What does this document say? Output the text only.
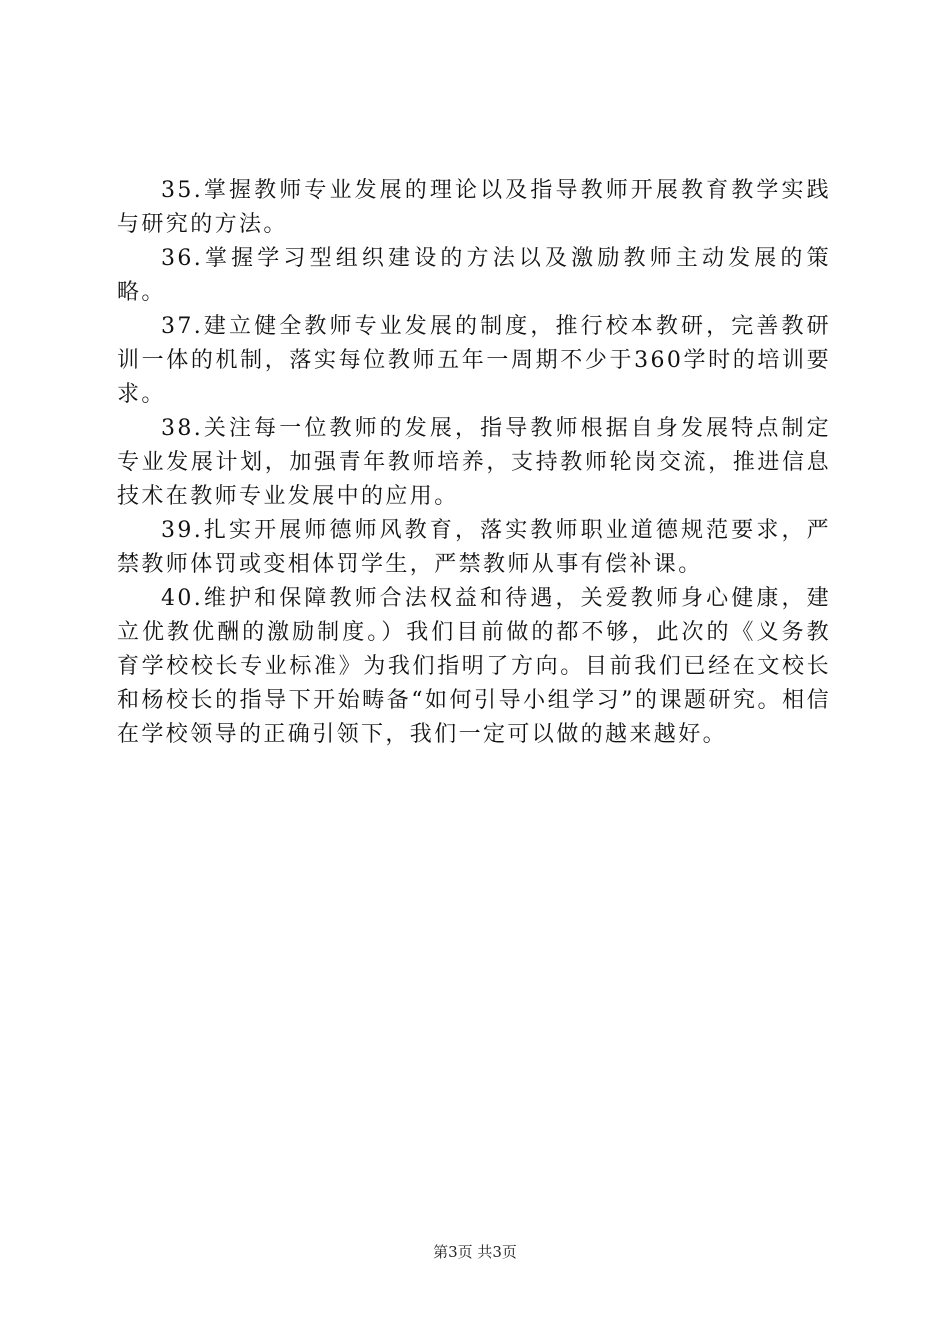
35.掌握教师专业发展的理论以及指导教师开展教育教学实践与研究的方法。

36.掌握学习型组织建设的方法以及激励教师主动发展的策略。

37.建立健全教师专业发展的制度，推行校本教研，完善教研训一体的机制，落实每位教师五年一周期不少于360学时的培训要求。

38.关注每一位教师的发展，指导教师根据自身发展特点制定专业发展计划，加强青年教师培养，支持教师轮岗交流，推进信息技术在教师专业发展中的应用。

39.扎实开展师德师风教育，落实教师职业道德规范要求，严禁教师体罚或变相体罚学生，严禁教师从事有偿补课。

40.维护和保障教师合法权益和待遇，关爱教师身心健康，建立优教优酬的激励制度。）我们目前做的都不够，此次的《义务教育学校校长专业标准》为我们指明了方向。目前我们已经在文校长和杨校长的指导下开始畴备“如何引导小组学习”的课题研究。相信在学校领导的正确引领下，我们一定可以做的越来越好。

第3页 共3页
